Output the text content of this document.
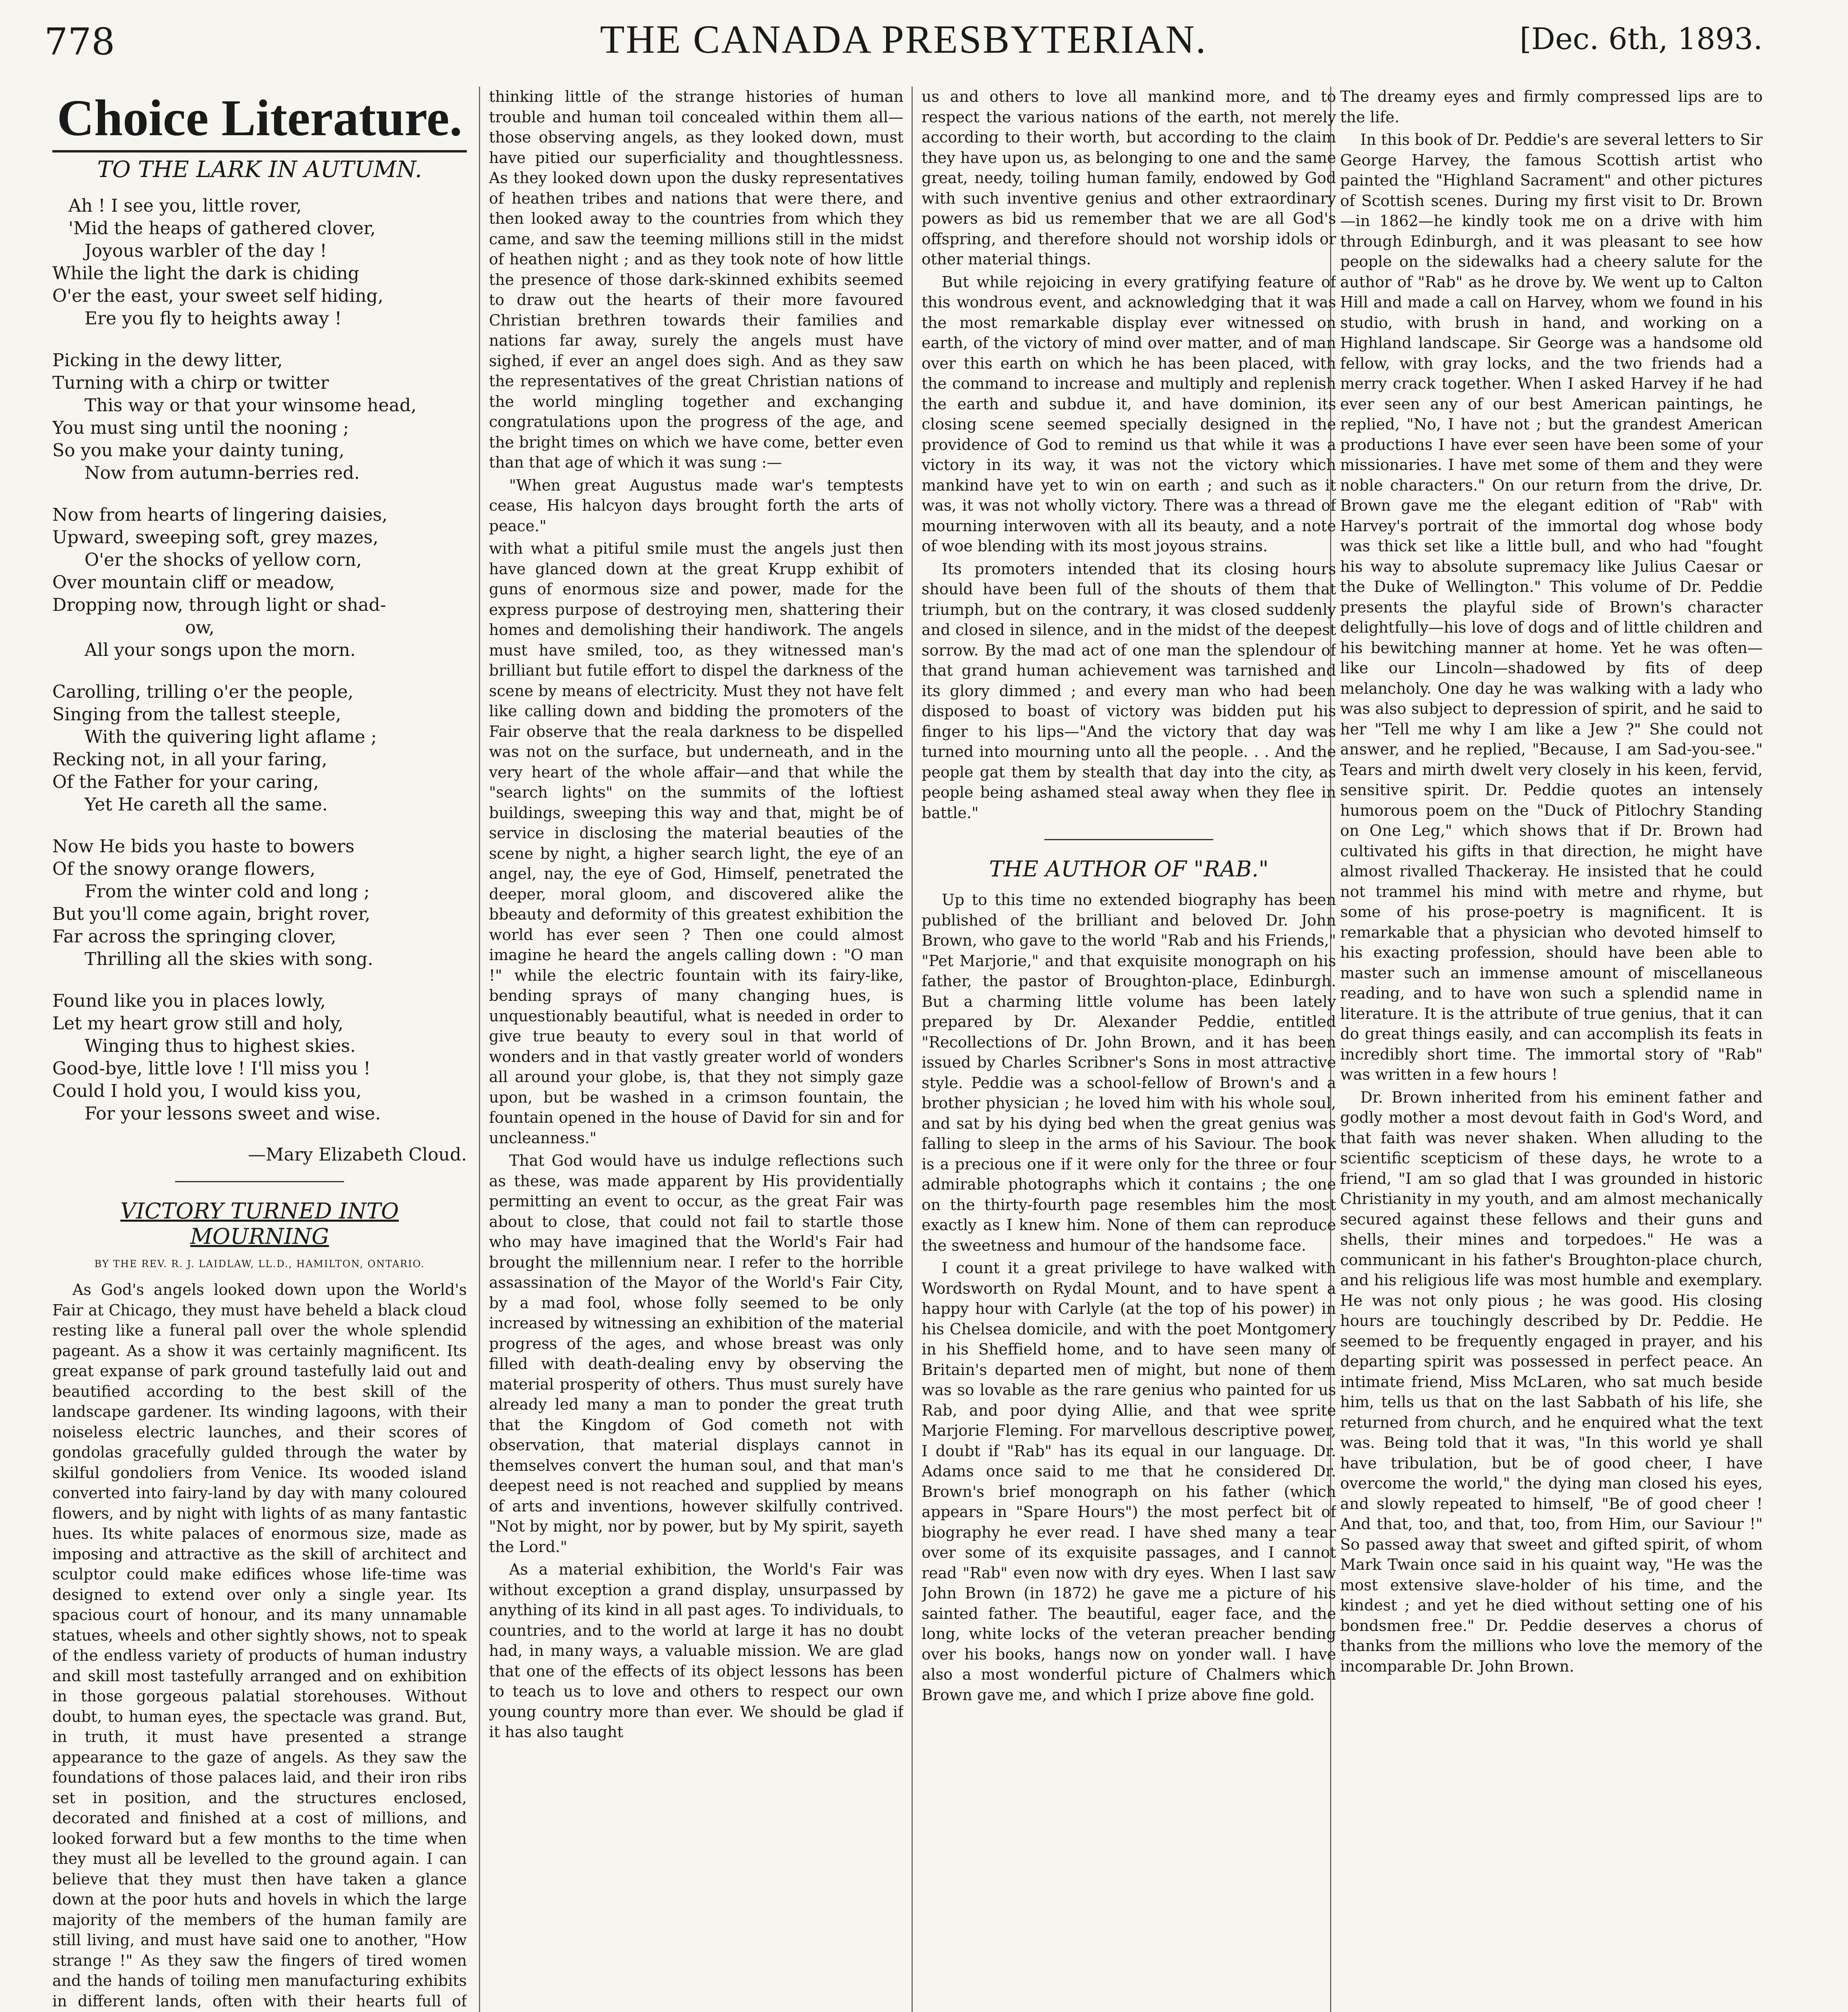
778	THE CANADA PRESBYTERIAN.	[Dec. 6th, 1893.
Choice Literature.
TO THE LARK IN AUTUMN.
Ah ! I see you, little rover,
'Mid the heaps of gathered clover,
Joyous warbler of the day !
While the light the dark is chiding
O'er the east, your sweet self hiding,
Ere you fly to heights away !
Picking in the dewy litter,
Turning with a chirp or twitter
This way or that your winsome head,
You must sing until the nooning ;
So you make your dainty tuning,
Now from autumn-berries red.
Now from hearts of lingering daisies,
Upward, sweeping soft, grey mazes,
O'er the shocks of yellow corn,
Over mountain cliff or meadow,
Dropping now, through light or shad-
ow,
All your songs upon the morn.
Carolling, trilling o'er the people,
Singing from the tallest steeple,
With the quivering light aflame ;
Recking not, in all your faring,
Of the Father for your caring,
Yet He careth all the same.
Now He bids you haste to bowers
Of the snowy orange flowers,
From the winter cold and long ;
But you'll come again, bright rover,
Far across the springing clover,
Thrilling all the skies with song.
Found like you in places lowly,
Let my heart grow still and holy,
Winging thus to highest skies.
Good-bye, little love ! I'll miss you !
Could I hold you, I would kiss you,
For your lessons sweet and wise.
—Mary Elizabeth Cloud.
VICTORY TURNED INTO MOURNING
BY THE REV. R. J. LAIDLAW, LL.D., HAMILTON, ONTARIO.

As God's angels looked down upon the World's Fair at Chicago, they must have beheld a black cloud resting like a funeral pall over the whole splendid pageant. As a show it was certainly magnificent. Its great expanse of park ground tastefully laid out and beautified according to the best skill of the landscape gardener. Its winding lagoons, with their noiseless electric launches, and their scores of gondolas gracefully gulded through the water by skilful gondoliers from Venice. Its wooded island converted into fairy-land by day with many coloured flowers, and by night with lights of as many fantastic hues. Its white palaces of enormous size, made as imposing and attractive as the skill of architect and sculptor could make edifices whose life-time was designed to extend over only a single year. Its spacious court of honour, and its many unnamable statues, wheels and other sightly shows, not to speak of the endless variety of products of human industry and skill most tastefully arranged and on exhibition in those gorgeous palatial storehouses. Without doubt, to human eyes, the spectacle was grand. But, in truth, it must have presented a strange appearance to the gaze of angels. As they saw the foundations of those palaces laid, and their iron ribs set in position, and the structures enclosed, decorated and finished at a cost of millions, and looked forward but a few months to the time when they must all be levelled to the ground again. I can believe that they must then have taken a glance down at the poor huts and hovels in which the large majority of the members of the human family are still living, and must have said one to another, "How strange !" As they saw the fingers of tired women and the hands of toiling men manufacturing exhibits in different lands, often with their hearts full of

thinking little of the strange histories of human trouble and human toil concealed within them all—those observing angels, as they looked down, must have pitied our superficiality and thoughtlessness. As they looked down upon the dusky representatives of heathen tribes and nations that were there, and then looked away to the countries from which they came, and saw the teeming millions still in the midst of heathen night ; and as they took note of how little the presence of those dark-skinned exhibits seemed to draw out the hearts of their more favoured Christian brethren towards their families and nations far away, surely the angels must have sighed, if ever an angel does sigh. And as they saw the representatives of the great Christian nations of the world mingling together and exchanging congratulations upon the progress of the age, and the bright times on which we have come, better even than that age of which it was sung :—

"When great Augustus made war's temptests cease, His halcyon days brought forth the arts of peace."

with what a pitiful smile must the angels just then have glanced down at the great Krupp exhibit of guns of enormous size and power, made for the express purpose of destroying men, shattering their homes and demolishing their handiwork. The angels must have smiled, too, as they witnessed man's brilliant but futile effort to dispel the darkness of the scene by means of electricity. Must they not have felt like calling down and bidding the promoters of the Fair observe that the reala darkness to be dispelled was not on the surface, but underneath, and in the very heart of the whole affair—and that while the "search lights" on the summits of the loftiest buildings, sweeping this way and that, might be of service in disclosing the material beauties of the scene by night, a higher search light, the eye of an angel, nay, the eye of God, Himself, penetrated the deeper, moral gloom, and discovered alike the bbeauty and deformity of this greatest exhibition the world has ever seen ? Then one could almost imagine he heard the angels calling down : "O man !" while the electric fountain with its fairy-like, bending sprays of many changing hues, is unquestionably beautiful, what is needed in order to give true beauty to every soul in that world of wonders and in that vastly greater world of wonders all around your globe, is, that they not simply gaze upon, but be washed in a crimson fountain, the fountain opened in the house of David for sin and for uncleanness."

That God would have us indulge reflections such as these, was made apparent by His providentially permitting an event to occur, as the great Fair was about to close, that could not fail to startle those who may have imagined that the World's Fair had brought the millennium near. I refer to the horrible assassination of the Mayor of the World's Fair City, by a mad fool, whose folly seemed to be only increased by witnessing an exhibition of the material progress of the ages, and whose breast was only filled with death-dealing envy by observing the material prosperity of others. Thus must surely have already led many a man to ponder the great truth that the Kingdom of God cometh not with observation, that material displays cannot in themselves convert the human soul, and that man's deepest need is not reached and supplied by means of arts and inventions, however skilfully contrived. "Not by might, nor by power, but by My spirit, sayeth the Lord."

As a material exhibition, the World's Fair was without exception a grand display, unsurpassed by anything of its kind in all past ages. To individuals, to countries, and to the world at large it has no doubt had, in many ways, a valuable mission. We are glad that one of the effects of its object lessons has been to teach us to love and others to respect our own young country more than ever. We should be glad if it has also taught

us and others to love all mankind more, and to respect the various nations of the earth, not merely according to their worth, but according to the claim they have upon us, as belonging to one and the same great, needy, toiling human family, endowed by God with such inventive genius and other extraordinary powers as bid us remember that we are all God's offspring, and therefore should not worship idols or other material things.

But while rejoicing in every gratifying feature of this wondrous event, and acknowledging that it was the most remarkable display ever witnessed on earth, of the victory of mind over matter, and of man over this earth on which he has been placed, with the command to increase and multiply and replenish the earth and subdue it, and have dominion, its closing scene seemed specially designed in the providence of God to remind us that while it was a victory in its way, it was not the victory which mankind have yet to win on earth ; and such as it was, it was not wholly victory. There was a thread of mourning interwoven with all its beauty, and a note of woe blending with its most joyous strains.

Its promoters intended that its closing hours should have been full of the shouts of them that triumph, but on the contrary, it was closed suddenly and closed in silence, and in the midst of the deepest sorrow. By the mad act of one man the splendour of that grand human achievement was tarnished and its glory dimmed ; and every man who had been disposed to boast of victory was bidden put his finger to his lips—"And the victory that day was turned into mourning unto all the people. . . And the people gat them by stealth that day into the city, as people being ashamed steal away when they flee in battle."

THE AUTHOR OF "RAB."

Up to this time no extended biography has been published of the brilliant and beloved Dr. John Brown, who gave to the world "Rab and his Friends," "Pet Marjorie," and that exquisite monograph on his father, the pastor of Broughton-place, Edinburgh. But a charming little volume has been lately prepared by Dr. Alexander Peddie, entitled "Recollections of Dr. John Brown, and it has been issued by Charles Scribner's Sons in most attractive style. Peddie was a school-fellow of Brown's and a brother physician ; he loved him with his whole soul, and sat by his dying bed when the great genius was falling to sleep in the arms of his Saviour. The book is a precious one if it were only for the three or four admirable photographs which it contains ; the one on the thirty-fourth page resembles him the most exactly as I knew him. None of them can reproduce the sweetness and humour of the handsome face.

I count it a great privilege to have walked with Wordsworth on Rydal Mount, and to have spent a happy hour with Carlyle (at the top of his power) in his Chelsea domicile, and with the poet Montgomery in his Sheffield home, and to have seen many of Britain's departed men of might, but none of them was so lovable as the rare genius who painted for us Rab, and poor dying Allie, and that wee sprite Marjorie Fleming. For marvellous descriptive power, I doubt if "Rab" has its equal in our language. Dr. Adams once said to me that he considered Dr. Brown's brief monograph on his father (which appears in "Spare Hours") the most perfect bit of biography he ever read. I have shed many a tear over some of its exquisite passages, and I cannot read "Rab" even now with dry eyes. When I last saw John Brown (in 1872) he gave me a picture of his sainted father. The beautiful, eager face, and the long, white locks of the veteran preacher bending over his books, hangs now on yonder wall. I have also a most wonderful picture of Chalmers which Brown gave me, and which I prize above fine gold.

The dreamy eyes and firmly compressed lips are to the life.

In this book of Dr. Peddie's are several letters to Sir George Harvey, the famous Scottish artist who painted the "Highland Sacrament" and other pictures of Scottish scenes. During my first visit to Dr. Brown—in 1862—he kindly took me on a drive with him through Edinburgh, and it was pleasant to see how people on the sidewalks had a cheery salute for the author of "Rab" as he drove by. We went up to Calton Hill and made a call on Harvey, whom we found in his studio, with brush in hand, and working on a Highland landscape. Sir George was a handsome old fellow, with gray locks, and the two friends had a merry crack together. When I asked Harvey if he had ever seen any of our best American paintings, he replied, "No, I have not ; but the grandest American productions I have ever seen have been some of your missionaries. I have met some of them and they were noble characters." On our return from the drive, Dr. Brown gave me the elegant edition of "Rab" with Harvey's portrait of the immortal dog whose body was thick set like a little bull, and who had "fought his way to absolute supremacy like Julius Caesar or the Duke of Wellington." This volume of Dr. Peddie presents the playful side of Brown's character delightfully—his love of dogs and of little children and his bewitching manner at home. Yet he was often—like our Lincoln—shadowed by fits of deep melancholy. One day he was walking with a lady who was also subject to depression of spirit, and he said to her "Tell me why I am like a Jew ?" She could not answer, and he replied, "Because, I am Sad-you-see." Tears and mirth dwelt very closely in his keen, fervid, sensitive spirit. Dr. Peddie quotes an intensely humorous poem on the "Duck of Pitlochry Standing on One Leg," which shows that if Dr. Brown had cultivated his gifts in that direction, he might have almost rivalled Thackeray. He insisted that he could not trammel his mind with metre and rhyme, but some of his prose-poetry is magnificent. It is remarkable that a physician who devoted himself to his exacting profession, should have been able to master such an immense amount of miscellaneous reading, and to have won such a splendid name in literature. It is the attribute of true genius, that it can do great things easily, and can accomplish its feats in incredibly short time. The immortal story of "Rab" was written in a few hours !

Dr. Brown inherited from his eminent father and godly mother a most devout faith in God's Word, and that faith was never shaken. When alluding to the scientific scepticism of these days, he wrote to a friend, "I am so glad that I was grounded in historic Christianity in my youth, and am almost mechanically secured against these fellows and their guns and shells, their mines and torpedoes." He was a communicant in his father's Broughton-place church, and his religious life was most humble and exemplary. He was not only pious ; he was good. His closing hours are touchingly described by Dr. Peddie. He seemed to be frequently engaged in prayer, and his departing spirit was possessed in perfect peace. An intimate friend, Miss McLaren, who sat much beside him, tells us that on the last Sabbath of his life, she returned from church, and he enquired what the text was. Being told that it was, "In this world ye shall have tribulation, but be of good cheer, I have overcome the world," the dying man closed his eyes, and slowly repeated to himself, "Be of good cheer ! And that, too, and that, too, from Him, our Saviour !" So passed away that sweet and gifted spirit, of whom Mark Twain once said in his quaint way, "He was the most extensive slave-holder of his time, and the kindest ; and yet he died without setting one of his bondsmen free." Dr. Peddie deserves a chorus of thanks from the millions who love the memory of the incomparable Dr. John Brown.
